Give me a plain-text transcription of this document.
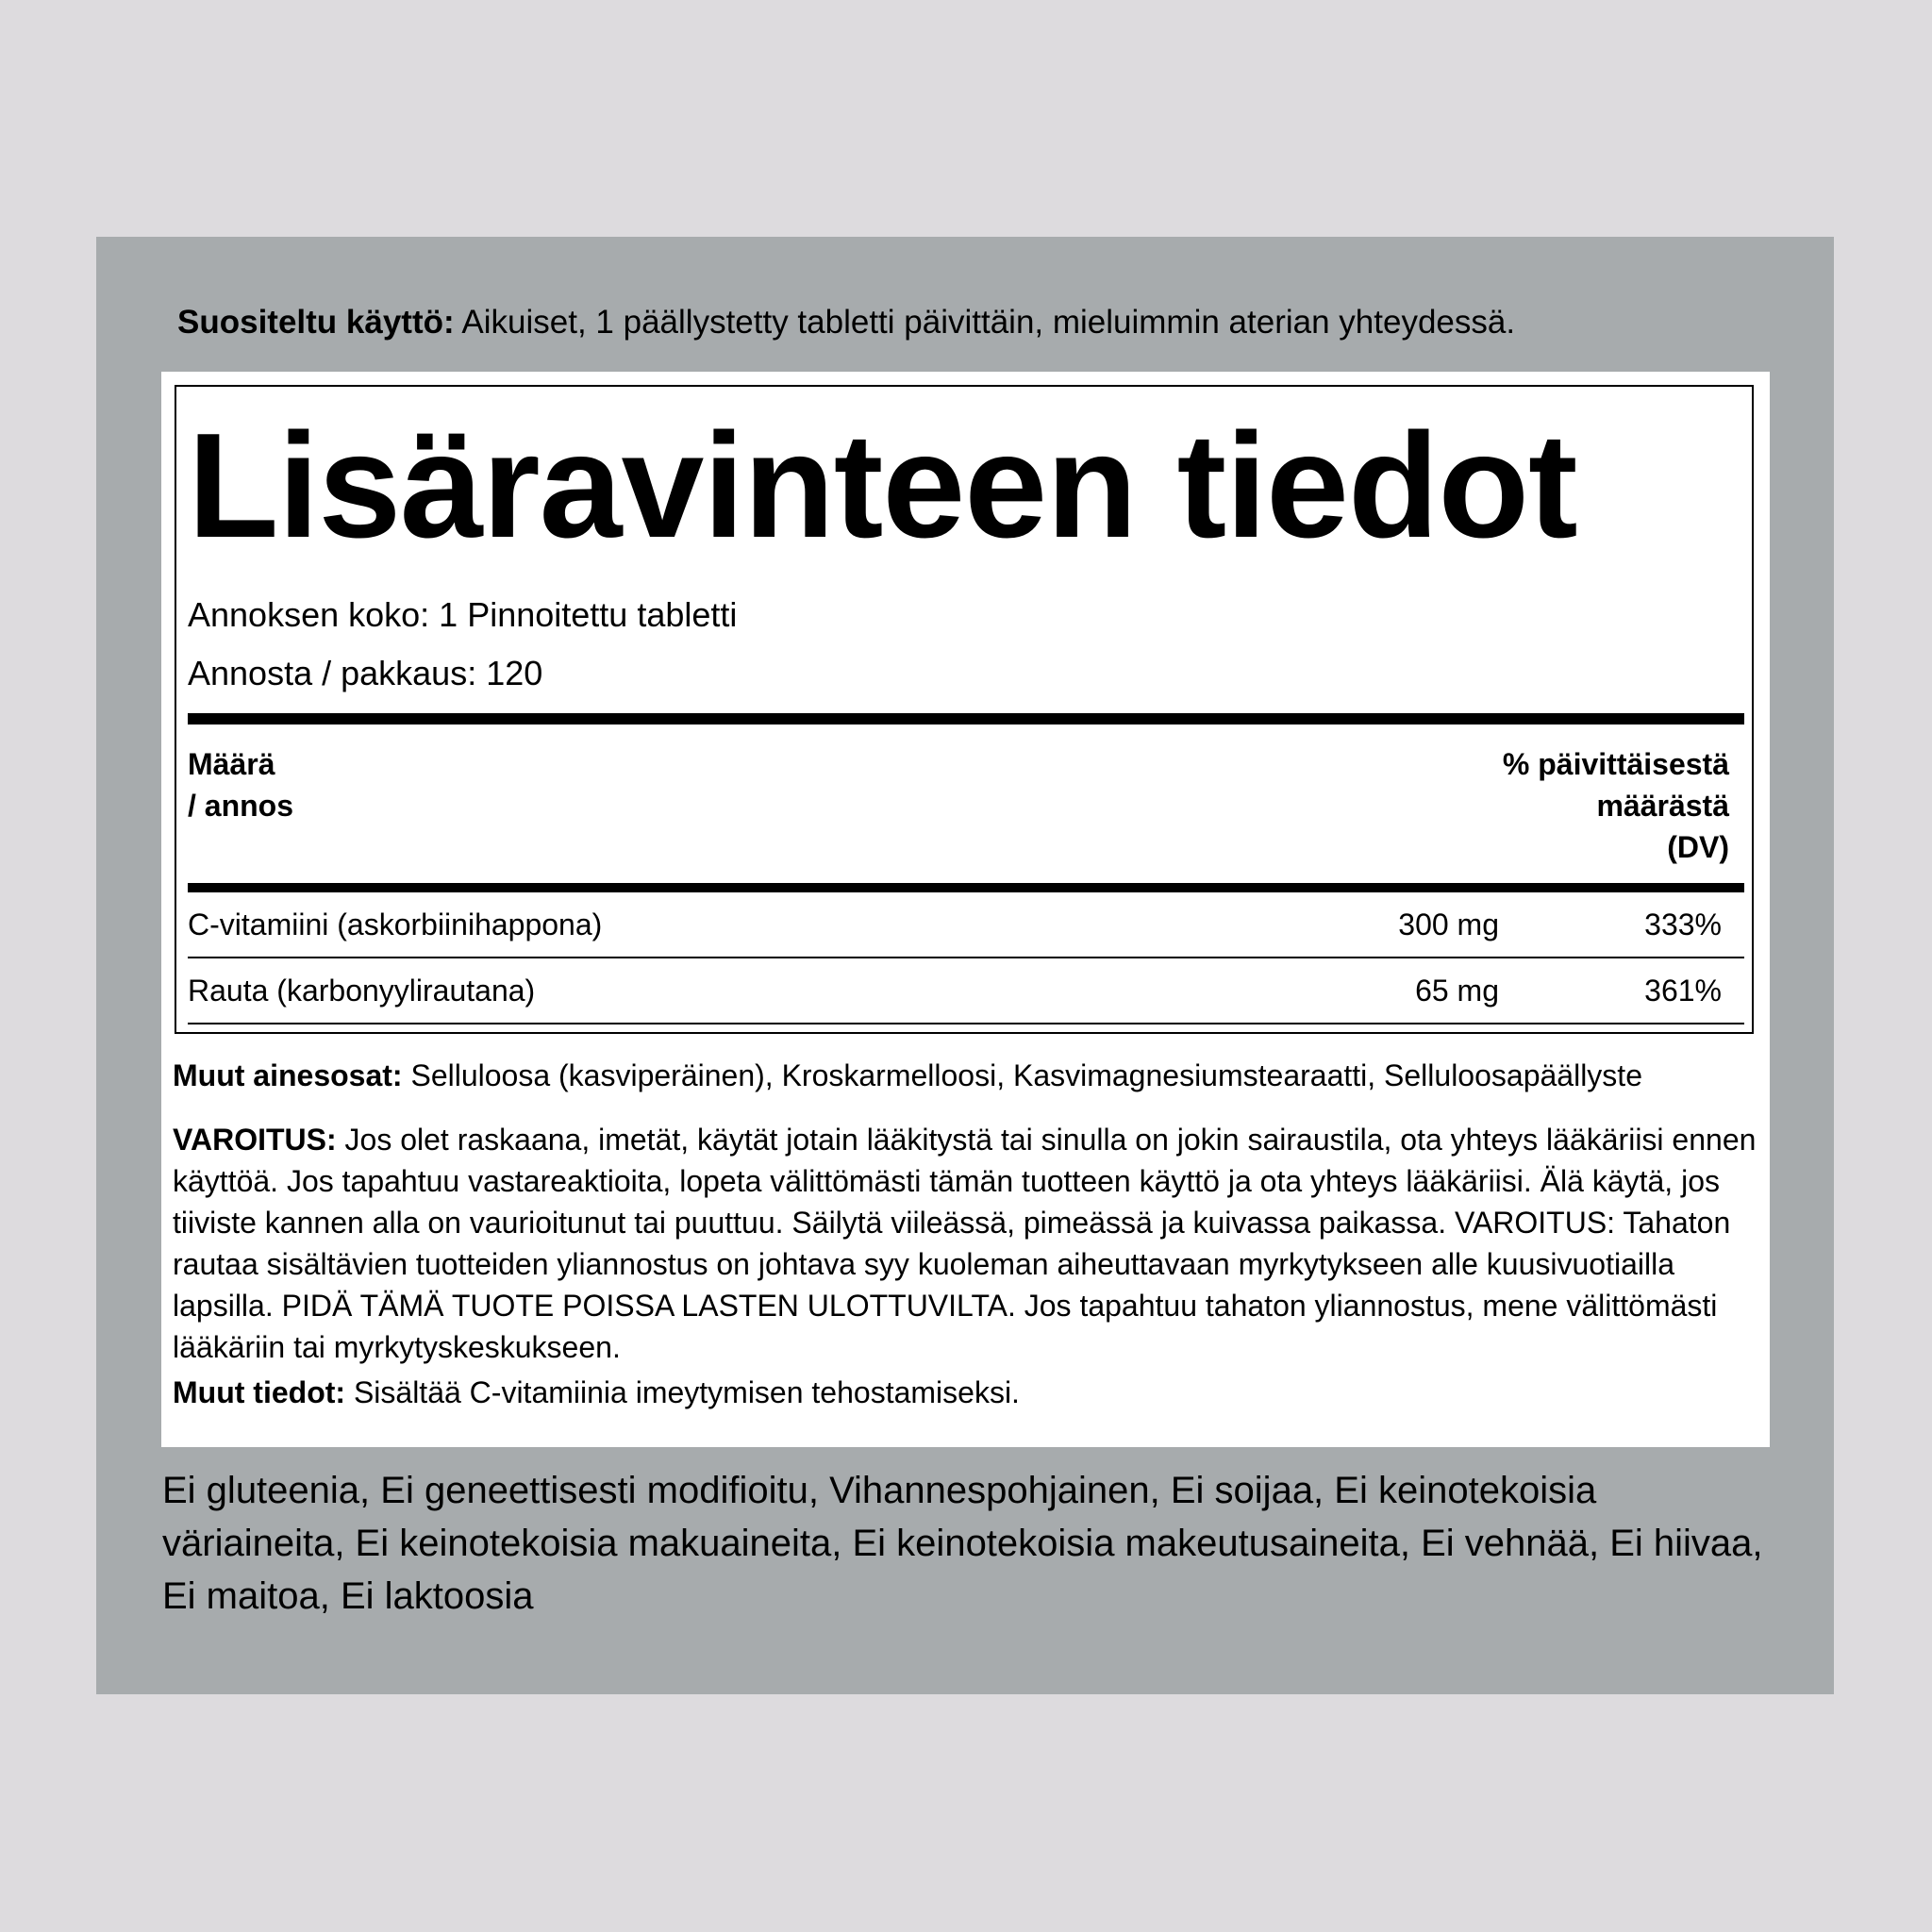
Suositeltu käyttö: Aikuiset, 1 päällystetty tabletti päivittäin, mieluimmin aterian yhteydessä.
Lisäravinteen tiedot
Annoksen koko: 1 Pinnoitettu tabletti
Annosta / pakkaus: 120
Määrä
/ annos
% päivittäisestä
määrästä
(DV)
C-vitamiini (askorbiinihappona)	300 mg	333%
Rauta (karbonyylirautana)	65 mg	361%
Muut ainesosat: Selluloosa (kasviperäinen), Kroskarmelloosi, Kasvimagnesiumstearaatti, Selluloosapäällyste
VAROITUS: Jos olet raskaana, imetät, käytät jotain lääkitystä tai sinulla on jokin sairaustila, ota yhteys lääkäriisi ennen käyttöä. Jos tapahtuu vastareaktioita, lopeta välittömästi tämän tuotteen käyttö ja ota yhteys lääkäriisi. Älä käytä, jos tiiviste kannen alla on vaurioitunut tai puuttuu. Säilytä viileässä, pimeässä ja kuivassa paikassa. VAROITUS: Tahaton rautaa sisältävien tuotteiden yliannostus on johtava syy kuoleman aiheuttavaan myrkytykseen alle kuusivuotiailla lapsilla. PIDÄ TÄMÄ TUOTE POISSA LASTEN ULOTTUVILTA. Jos tapahtuu tahaton yliannostus, mene välittömästi lääkäriin tai myrkytyskeskukseen.
Muut tiedot: Sisältää C-vitamiinia imeytymisen tehostamiseksi.
Ei gluteenia, Ei geneettisesti modifioitu, Vihannespohjainen, Ei soijaa, Ei keinotekoisia väriaineita, Ei keinotekoisia makuaineita, Ei keinotekoisia makeutusaineita, Ei vehnää, Ei hiivaa, Ei maitoa, Ei laktoosia
